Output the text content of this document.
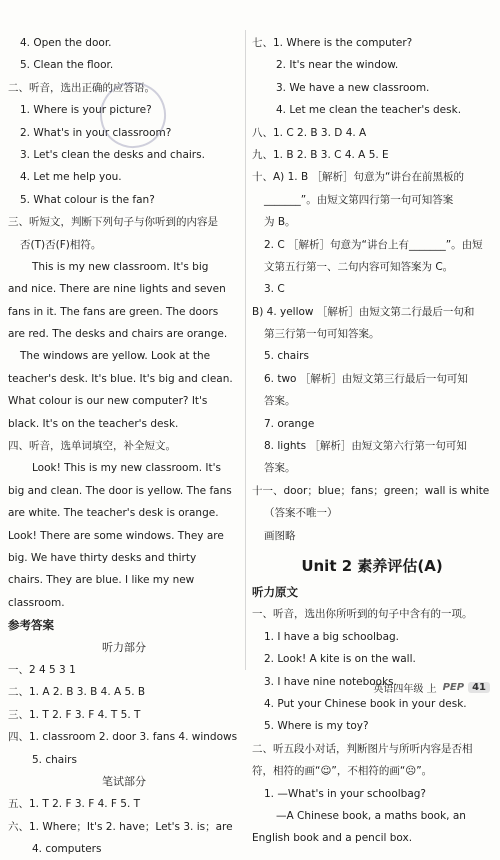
4. Open the door.
5. Clean the floor.
二、听音，选出正确的应答语。
1. Where is your picture?
2. What's in your classroom?
3. Let's clean the desks and chairs.
4. Let me help you.
5. What colour is the fan?
三、听短文，判断下列句子与你听到的内容是
否(T)否(F)相符。
This is my new classroom. It's big
and nice. There are nine lights and seven
fans in it. The fans are green. The doors
are red. The desks and chairs are orange.
The windows are yellow. Look at the
teacher's desk. It's blue. It's big and clean.
What colour is our new computer? It's
black. It's on the teacher's desk.
四、听音，选单词填空，补全短文。
Look! This is my new classroom. It's
big and clean. The door is yellow. The fans
are white. The teacher's desk is orange.
Look! There are some windows. They are
big. We have thirty desks and thirty
chairs. They are blue. I like my new
classroom.
参考答案
听力部分
一、2 4 5 3 1
二、1. A 2. B 3. B 4. A 5. B
三、1. T 2. F 3. F 4. T 5. T
四、1. classroom 2. door 3. fans 4. windows
5. chairs
笔试部分
五、1. T 2. F 3. F 4. F 5. T
六、1. Where；It's 2. have；Let's 3. is；are
4. computers
七、1. Where is the computer?
2. It's near the window.
3. We have a new classroom.
4. Let me clean the teacher's desk.
八、1. C 2. B 3. D 4. A
九、1. B 2. B 3. C 4. A 5. E
十、A) 1. B ［解析］句意为“讲台在前黑板的
_______”。由短文第四行第一句可知答案
为 B。
2. C ［解析］句意为“讲台上有_______”。由短
文第五行第一、二句内容可知答案为 C。
3. C
B) 4. yellow ［解析］由短文第二行最后一句和
第三行第一句可知答案。
5. chairs
6. two ［解析］由短文第三行最后一句可知
答案。
7. orange
8. lights ［解析］由短文第六行第一句可知
答案。
十一、door；blue；fans；green；wall is white
（答案不唯一）
画图略
Unit 2 素养评估(A)
听力原文
一、听音，选出你所听到的句子中含有的一项。
1. I have a big schoolbag.
2. Look! A kite is on the wall.
3. I have nine notebooks.
4. Put your Chinese book in your desk.
5. Where is my toy?
二、听五段小对话，判断图片与所听内容是否相
符，相符的画“☺”，不相符的画“☹”。
1. —What's in your schoolbag?
—A Chinese book, a maths book, an
English book and a pencil box.
英语四年级 上 PEP 41
